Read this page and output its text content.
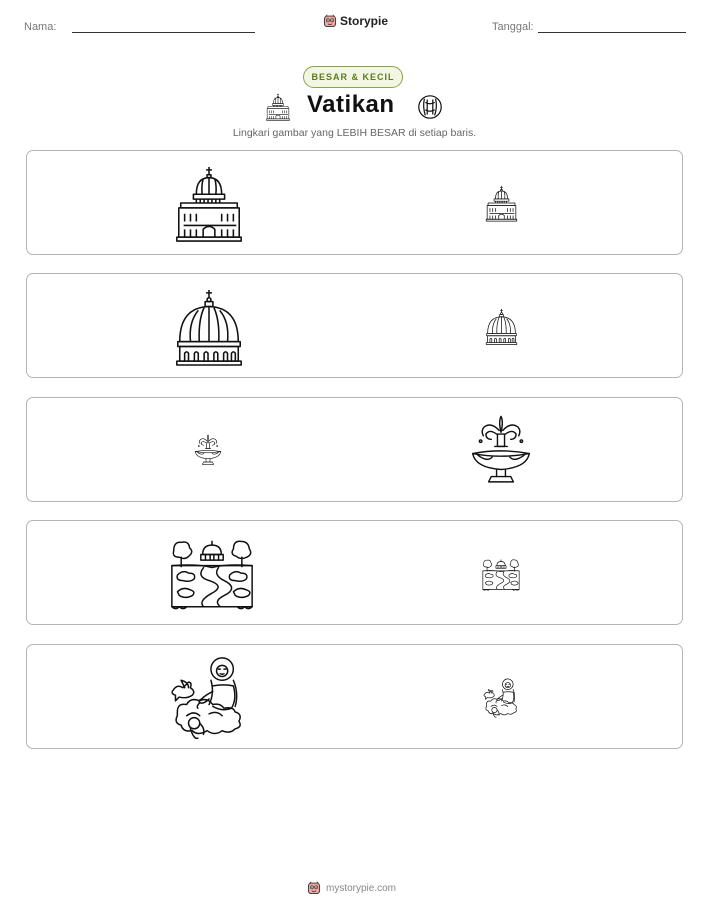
Nama:	Storypie	Tanggal:
BESAR & KECIL
Vatikan
Lingkari gambar yang LEBIH BESAR di setiap baris.
mystorypie.com
